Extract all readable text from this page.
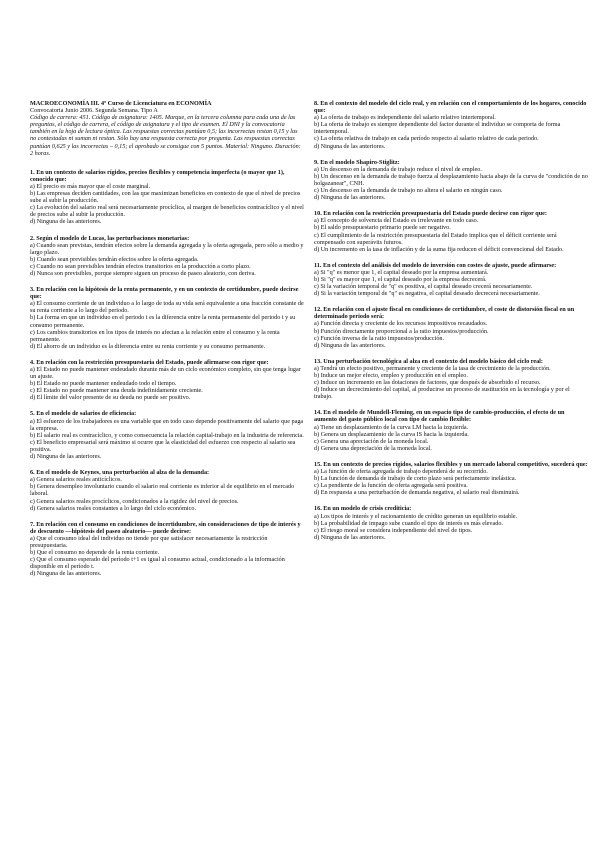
MACROECONOMÍA III. 4º Curso de Licenciatura en ECONOMÍA

Convocatoria Junio 2006. Segunda Semana. Tipo A

Código de carrera: 451. Código de asignatura: 1405. Marque, en la tercera columna para cada una de las preguntas, el código de carrera, el código de asignatura y el tipo de examen. El DNI y la convocatoria también en la hoja de lectura óptica. Las respuestas correctas puntúan 0,5; las incorrectas restan 0,15 y las no contestadas ni suman ni restan. Sólo hay una respuesta correcta por pregunta. Las respuestas correctas puntúan 0,625 y las incorrectas – 0,15; el aprobado se consigue con 5 puntos. Material: Ninguno. Duración: 2 horas.

1. En un contexto de salarios rígidos, precios flexibles y competencia imperfecta (o mayor que 1), conocido que:

a) El precio es más mayor que el coste marginal.
b) Las empresas deciden cantidades, con las que maximizan beneficios en contexto de que el nivel de precios sube al subir la producción.
c) La evolución del salario real será necesariamente procíclica, al margen de beneficios contracíclico y el nivel de precios sube al subir la producción.
d) Ninguna de las anteriores.

2. Según el modelo de Lucas, las perturbaciones monetarias:

a) Cuando sean previstas, tendrán efectos sobre la demanda agregada y la oferta agregada, pero sólo a medio y largo plazo.
b) Cuando sean previsibles tendrán efectos sobre la oferta agregada.
c) Cuando no sean previsibles tendrán efectos transitorios en la producción a corto plazo.
d) Nunca son previsibles, porque siempre siguen un proceso de paseo aleatorio, con deriva.

3. En relación con la hipótesis de la renta permanente, y en un contexto de certidumbre, puede decirse que:

a) El consumo corriente de un individuo a lo largo de toda su vida será equivalente a una fracción constante de su renta corriente a lo largo del periodo.
b) La forma en que un individuo en el periodo t es la diferencia entre la renta permanente del periodo t y su consumo permanente.
c) Los cambios transitorios en los tipos de interés no afectan a la relación entre el consumo y la renta permanente.
d) El ahorro de un individuo es la diferencia entre su renta corriente y su consumo permanente.

4. En relación con la restricción presupuestaria del Estado, puede afirmarse con rigor que:

a) El Estado no puede mantener endeudado durante más de un ciclo económico completo, sin que tenga lugar un ajuste.
b) El Estado no puede mantener endeudado todo el tiempo.
c) El Estado no puede mantener una deuda indefinidamente creciente.
d) El límite del valor presente de su deuda no puede ser positivo.

5. En el modelo de salarios de eficiencia:

a) El esfuerzo de los trabajadores es una variable que en todo caso depende positivamente del salario que paga la empresa.
b) El salario real es contracíclico, y como consecuencia la relación capital-trabajo en la industria de referencia.
c) El beneficio empresarial será máximo si ocurre que la elasticidad del esfuerzo con respecto al salario sea positiva.
d) Ninguna de las anteriores.

6. En el modelo de Keynes, una perturbación al alza de la demanda:

a) Genera salarios reales anticíclicos.
b) Genera desempleo involuntario cuando el salario real corriente es inferior al de equilibrio en el mercado laboral.
c) Genera salarios reales procíclicos, condicionados a la rigidez del nivel de precios.
d) Genera salarios reales constantes a lo largo del ciclo económico.

7. En relación con el consumo en condiciones de incertidumbre, sin consideraciones de tipo de interés y de descuento —hipótesis del paseo aleatorio— puede decirse:

a) Que el consumo ideal del individuo no tiende por que satisfacer necesariamente la restricción presupuestaria.
b) Que el consumo no depende de la renta corriente.
c) Que el consumo esperado del período t+1 es igual al consumo actual, condicionado a la información disponible en el período t.
d) Ninguna de las anteriores.

8. En el contexto del modelo del ciclo real, y en relación con el comportamiento de los hogares, conocido que:

a) La oferta de trabajo es independiente del salario relativo intertemporal.
b) La oferta de trabajo es siempre dependiente del factor durante el individuo se comporta de forma intertemporal.
c) La oferta relativa de trabajo en cada período respecto al salario relativo de cada periodo.
d) Ninguna de las anteriores.

9. En el modelo Shapiro-Stiglitz:

a) Un descenso en la demanda de trabajo reduce el nivel de empleo.
b) Un descenso en la demanda de trabajo fuerza al desplazamiento hacia abajo de la curva de "condición de no holgazanear", CNH.
c) Un descenso en la demanda de trabajo no altera el salario en ningún caso.
d) Ninguna de las anteriores.

10. En relación con la restricción presupuestaria del Estado puede decirse con rigor que:

a) El concepto de solvencia del Estado es irrelevante en todo caso.
b) El saldo presupuestario primario puede ser negativo.
c) El cumplimiento de la restricción presupuestaria del Estado implica que el déficit corriente será compensado con superávits futuros.
d) Un incremento en la tasa de inflación y de la suma fija reducen el déficit convencional del Estado.

11. En el contexto del análisis del modelo de inversión con costes de ajuste, puede afirmarse:

a) Si "q" es menor que 1, el capital deseado por la empresa aumentará.
b) Si "q" es mayor que 1, el capital deseado por la empresa decrecerá.
c) Si la variación temporal de "q" es positiva, el capital deseado crecerá necesariamente.
d) Si la variación temporal de "q" es negativa, el capital deseado decrecerá necesariamente.

12. En relación con el ajuste fiscal en condiciones de certidumbre, el coste de distorsión fiscal en un determinado periodo será:

a) Función directa y creciente de los recursos impositivos recaudados.
b) Función directamente proporcional a la ratio impuestos/producción.
c) Función inversa de la ratio impuestos/producción.
d) Ninguna de las anteriores.

13. Una perturbación tecnológica al alza en el contexto del modelo básico del ciclo real:

a) Tendrá un efecto positivo, permanente y creciente de la tasa de crecimiento de la producción.
b) Induce un mejor efecto, empleo y producción en el empleo.
c) Induce un incremento en las dotaciones de factores, que después de absorbido el recurso.
d) Induce un decrecimiento del capital, al producirse un proceso de sustitución en la tecnología y por el trabajo.

14. En el modelo de Mundell-Fleming, en un espacio tipo de cambio-producción, el efecto de un aumento del gasto público local con tipo de cambio flexible:

a) Tiene un desplazamiento de la curva LM hacia la izquierda.
b) Genera un desplazamiento de la curva IS hacia la izquierda.
c) Genera una apreciación de la moneda local.
d) Genera una depreciación de la moneda local.

15. En un contexto de precios rígidos, salarios flexibles y un mercado laboral competitivo, sucederá que:

a) La función de oferta agregada de trabajo dependerá de su recorrido.
b) La función de demanda de trabajo de corto plazo será perfectamente inelástica.
c) La pendiente de la función de oferta agregada será positiva.
d) En respuesta a una perturbación de demanda negativa, el salario real disminuirá.

16. En un modelo de crisis crediticia:

a) Los tipos de interés y el racionamiento de crédito generan un equilibrio estable.
b) La probabilidad de impago sube cuando el tipo de interés es más elevado.
c) El riesgo moral se considera independiente del nivel de tipos.
d) Ninguna de las anteriores.
